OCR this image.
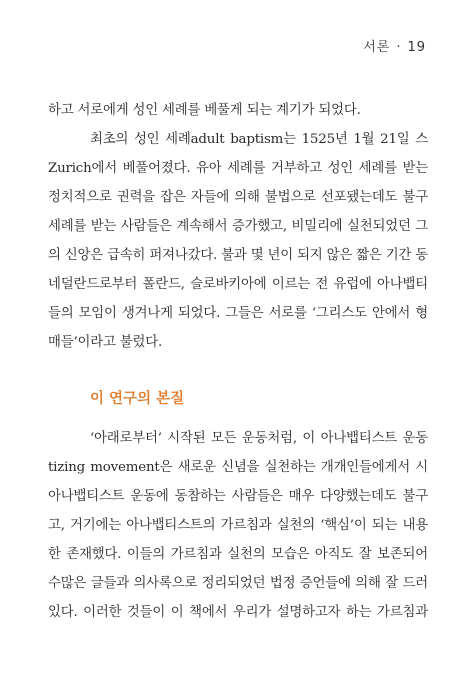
서론 · 19
하고 서로에게 성인 세례를 베풀게 되는 계기가 되었다.
최초의 성인 세례adult baptism는 1525년 1월 21일 스
Zurich에서 베풀어졌다. 유아 세례를 거부하고 성인 세례를 받는
정치적으로 권력을 잡은 자들에 의해 불법으로 선포됐는데도 불구
세례를 받는 사람들은 계속해서 증가했고, 비밀리에 실천되었던 그
의 신앙은 급속히 퍼져나갔다. 불과 몇 년이 되지 않은 짧은 기간 동
네덜란드로부터 폴란드, 슬로바키아에 이르는 전 유럽에 아나뱁티
들의 모임이 생겨나게 되었다. 그들은 서로를 ‘그리스도 안에서 형
매들’이라고 불렀다.
이 연구의 본질
‘아래로부터’ 시작된 모든 운동처럼, 이 아나뱁티스트 운동
tizing movement은 새로운 신념을 실천하는 개개인들에게서 시
아나뱁티스트 운동에 동참하는 사람들은 매우 다양했는데도 불구
고, 거기에는 아나뱁티스트의 가르침과 실천의 ‘핵심’이 되는 내용
한 존재했다. 이들의 가르침과 실천의 모습은 아직도 잘 보존되어
수많은 글들과 의사록으로 정리되었던 법정 증언들에 의해 잘 드러
있다. 이러한 것들이 이 책에서 우리가 설명하고자 하는 가르침과
